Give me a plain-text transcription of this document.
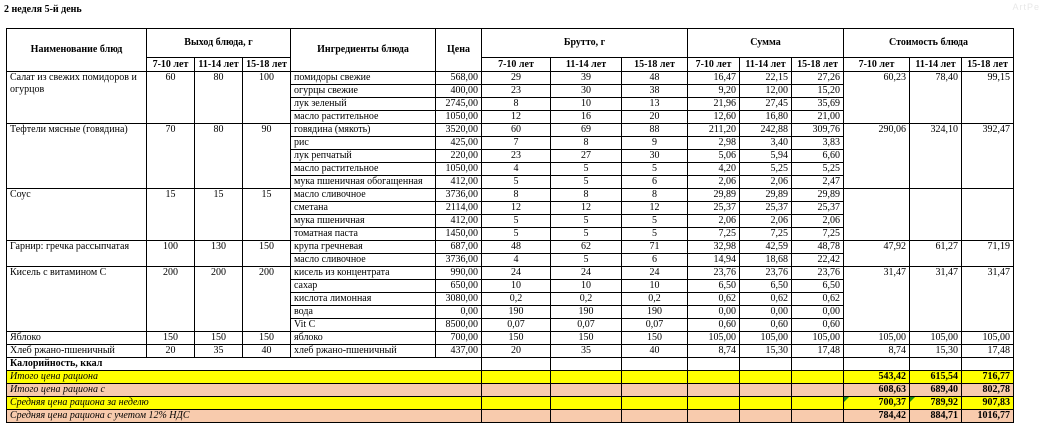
2 неделя 5-й день	ArtPe
Наименование блюд	Выход блюда, г			Ингредиенты блюда	Цена	Брутто, г			Сумма			Стоимость блюда		
	7-10 лет	11-14 лет	15-18 лет			7-10 лет	11-14 лет	15-18 лет	7-10 лет	11-14 лет	15-18 лет	7-10 лет	11-14 лет	15-18 лет
Салат из свежих помидоров и огурцов	60	80	100	помидоры свежие	568,00	29	39	48	16,47	22,15	27,26	60,23	78,40	99,15
				огурцы свежие	400,00	23	30	38	9,20	12,00	15,20			
				лук зеленый	2745,00	8	10	13	21,96	27,45	35,69			
				масло растительное	1050,00	12	16	20	12,60	16,80	21,00			
Тефтели мясные (говядина)	70	80	90	говядина (мякоть)	3520,00	60	69	88	211,20	242,88	309,76	290,06	324,10	392,47
				рис	425,00	7	8	9	2,98	3,40	3,83			
				лук репчатый	220,00	23	27	30	5,06	5,94	6,60			
				масло растительное	1050,00	4	5	5	4,20	5,25	5,25			
				мука пшеничная обогащенная	412,00	5	5	6	2,06	2,06	2,47			
Соус	15	15	15	масло сливочное	3736,00	8	8	8	29,89	29,89	29,89			
				сметана	2114,00	12	12	12	25,37	25,37	25,37			
				мука пшеничная	412,00	5	5	5	2,06	2,06	2,06			
				томатная паста	1450,00	5	5	5	7,25	7,25	7,25			
Гарнир: гречка рассыпчатая	100	130	150	крупа гречневая	687,00	48	62	71	32,98	42,59	48,78	47,92	61,27	71,19
				масло сливочное	3736,00	4	5	6	14,94	18,68	22,42			
Кисель с витамином С	200	200	200	кисель из концентрата	990,00	24	24	24	23,76	23,76	23,76	31,47	31,47	31,47
				сахар	650,00	10	10	10	6,50	6,50	6,50			
				кислота лимонная	3080,00	0,2	0,2	0,2	0,62	0,62	0,62			
				вода	0,00	190	190	190	0,00	0,00	0,00			
				Vit C	8500,00	0,07	0,07	0,07	0,60	0,60	0,60			
Яблоко	150	150	150	яблоко	700,00	150	150	150	105,00	105,00	105,00	105,00	105,00	105,00
Хлеб ржано-пшеничный	20	35	40	хлеб ржано-пшеничный	437,00	20	35	40	8,74	15,30	17,48	8,74	15,30	17,48
Калорийность, ккал														
Итого цена рациона												543,42	615,54	716,77
Итого цена рациона с												608,63	689,40	802,78
Средняя цена рациона за неделю												700,37	789,92	907,83
Средняя цена рациона с учетом 12% НДС												784,42	884,71	1016,77
